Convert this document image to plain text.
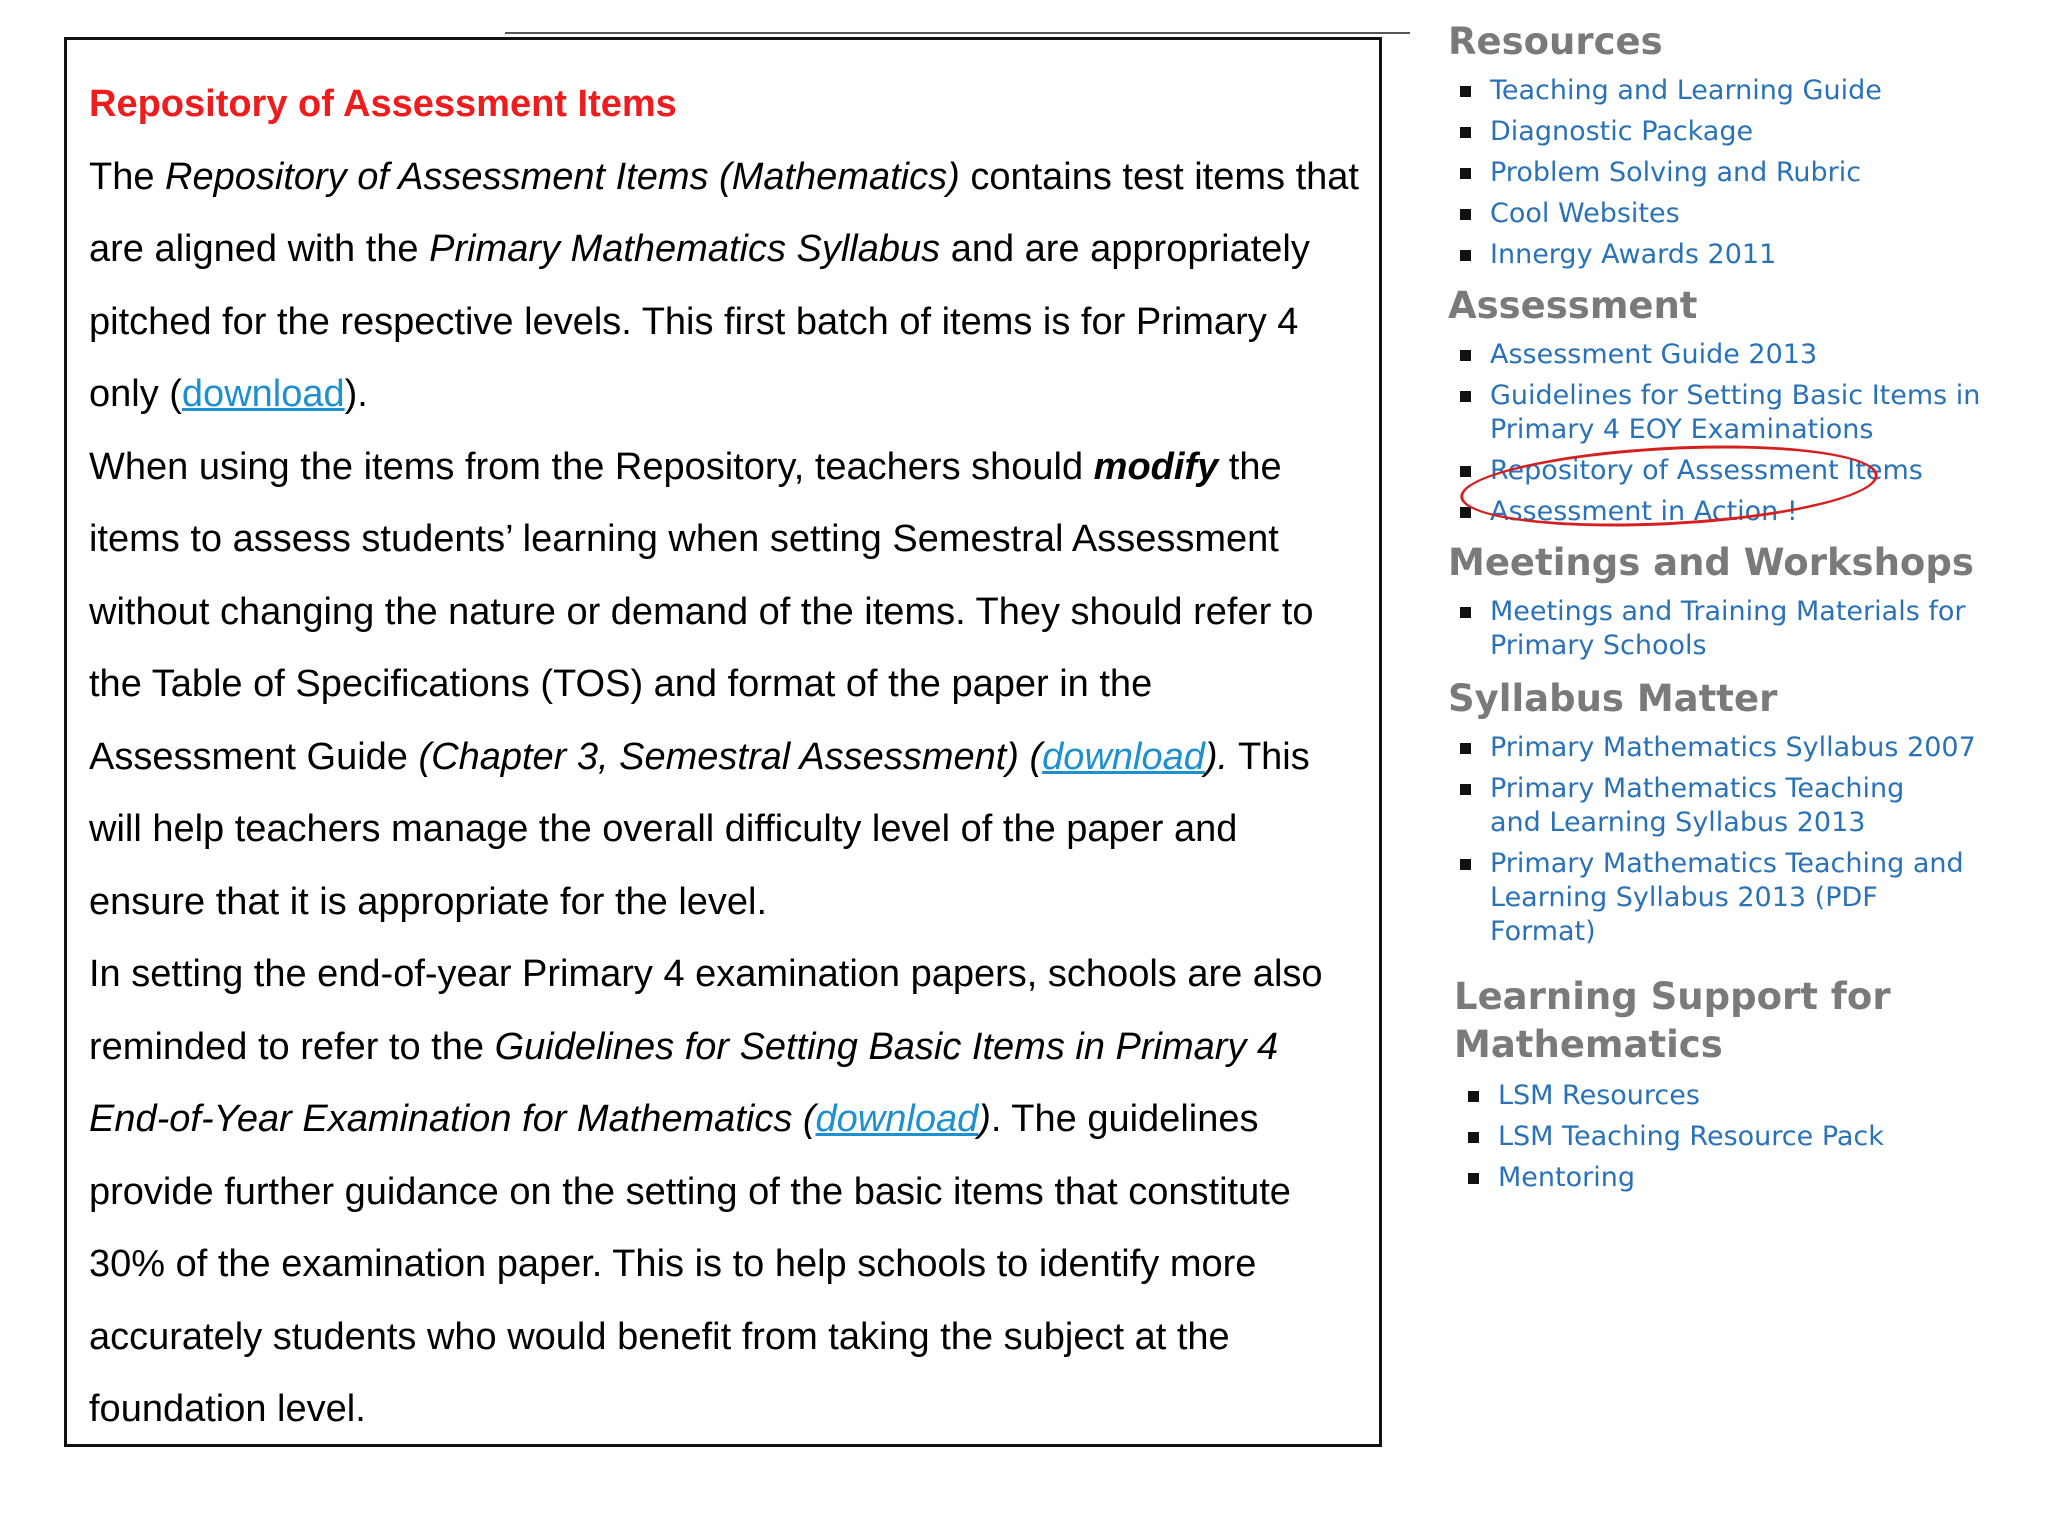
Repository of Assessment Items

The Repository of Assessment Items (Mathematics) contains test items that are aligned with the Primary Mathematics Syllabus and are appropriately pitched for the respective levels. This first batch of items is for Primary 4 only (download).

When using the items from the Repository, teachers should modify the items to assess students’ learning when setting Semestral Assessment without changing the nature or demand of the items. They should refer to the Table of Specifications (TOS) and format of the paper in the Assessment Guide (Chapter 3, Semestral Assessment) (download). This will help teachers manage the overall difficulty level of the paper and ensure that it is appropriate for the level.

In setting the end-of-year Primary 4 examination papers, schools are also reminded to refer to the Guidelines for Setting Basic Items in Primary 4 End-of-Year Examination for Mathematics (download). The guidelines provide further guidance on the setting of the basic items that constitute 30% of the examination paper. This is to help schools to identify more accurately students who would benefit from taking the subject at the foundation level.

Resources
Teaching and Learning Guide
Diagnostic Package
Problem Solving and Rubric
Cool Websites
Innergy Awards 2011
Assessment
Assessment Guide 2013
Guidelines for Setting Basic Items in Primary 4 EOY Examinations
Repository of Assessment Items
Assessment in Action !
Meetings and Workshops
Meetings and Training Materials for Primary Schools
Syllabus Matter
Primary Mathematics Syllabus 2007
Primary Mathematics Teaching and Learning Syllabus 2013
Primary Mathematics Teaching and Learning Syllabus 2013 (PDF Format)
Learning Support for Mathematics
LSM Resources
LSM Teaching Resource Pack
Mentoring
